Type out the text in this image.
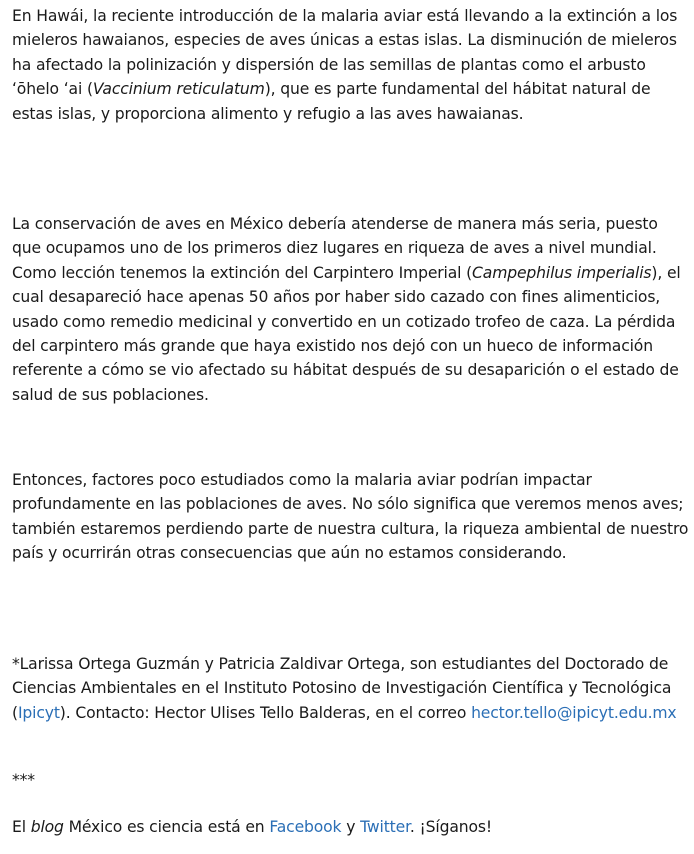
En Hawái, la reciente introducción de la malaria aviar está llevando a la extinción a los mieleros hawaianos, especies de aves únicas a estas islas. La disminución de mieleros ha afectado la polinización y dispersión de las semillas de plantas como el arbusto ʻōhelo ʻai (Vaccinium reticulatum), que es parte fundamental del hábitat natural de estas islas, y proporciona alimento y refugio a las aves hawaianas.

La conservación de aves en México debería atenderse de manera más seria, puesto que ocupamos uno de los primeros diez lugares en riqueza de aves a nivel mundial. Como lección tenemos la extinción del Carpintero Imperial (Campephilus imperialis), el cual desapareció hace apenas 50 años por haber sido cazado con fines alimenticios, usado como remedio medicinal y convertido en un cotizado trofeo de caza. La pérdida del carpintero más grande que haya existido nos dejó con un hueco de información referente a cómo se vio afectado su hábitat después de su desaparición o el estado de salud de sus poblaciones.

Entonces, factores poco estudiados como la malaria aviar podrían impactar profundamente en las poblaciones de aves. No sólo significa que veremos menos aves; también estaremos perdiendo parte de nuestra cultura, la riqueza ambiental de nuestro país y ocurrirán otras consecuencias que aún no estamos considerando.

*Larissa Ortega Guzmán y Patricia Zaldivar Ortega, son estudiantes del Doctorado de Ciencias Ambientales en el Instituto Potosino de Investigación Científica y Tecnológica (Ipicyt). Contacto: Hector Ulises Tello Balderas, en el correo hector.tello@ipicyt.edu.mx

***

El blog México es ciencia está en Facebook y Twitter. ¡Síganos!
